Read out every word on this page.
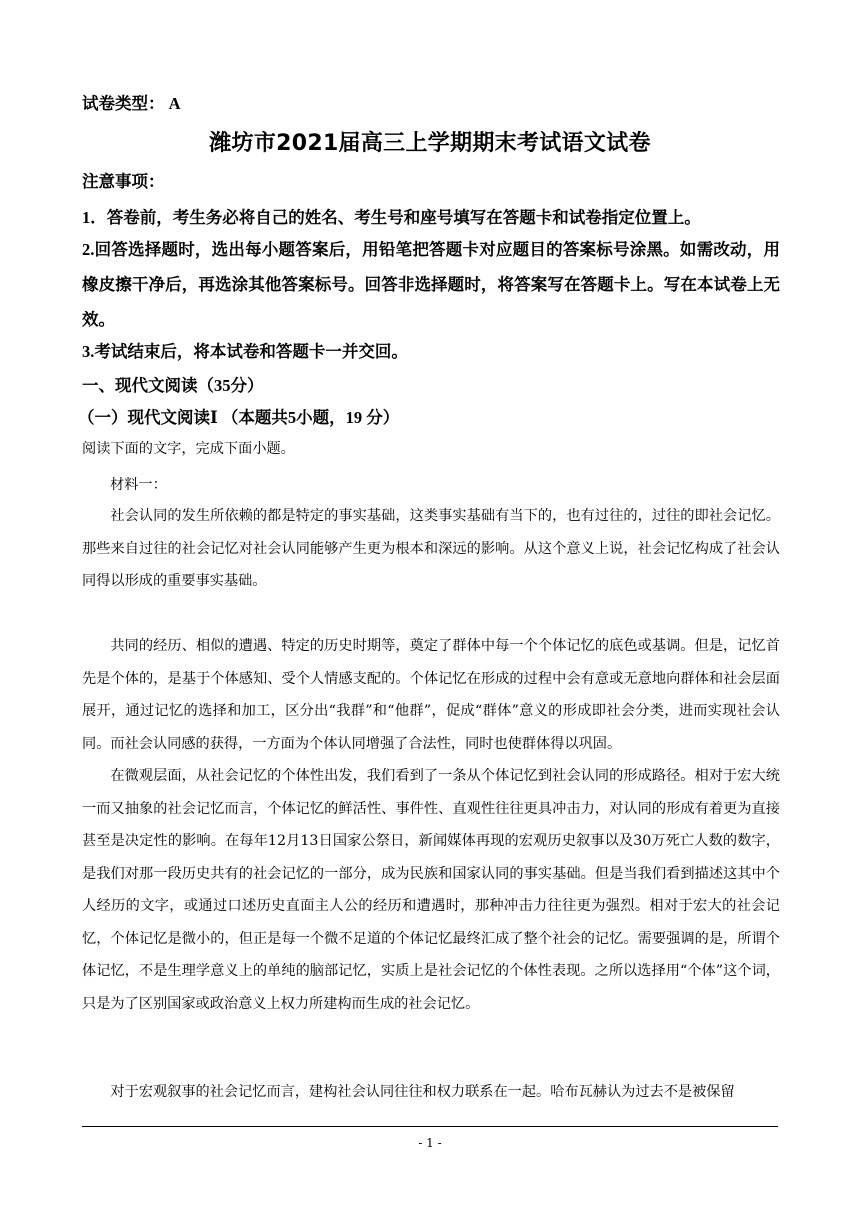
试卷类型： A
潍坊市2021届高三上学期期末考试语文试卷
注意事项：
1．答卷前，考生务必将自己的姓名、考生号和座号填写在答题卡和试卷指定位置上。
2.回答选择题时，选出每小题答案后，用铅笔把答题卡对应题目的答案标号涂黑。如需改动，用橡皮擦干净后，再选涂其他答案标号。回答非选择题时，将答案写在答题卡上。写在本试卷上无效。
3.考试结束后，将本试卷和答题卡一并交回。
一、现代文阅读（35分）
（一）现代文阅读Ⅰ （本题共5小题，19 分）
阅读下面的文字，完成下面小题。
材料一：
社会认同的发生所依赖的都是特定的事实基础，这类事实基础有当下的，也有过往的，过往的即社会记忆。那些来自过往的社会记忆对社会认同能够产生更为根本和深远的影响。从这个意义上说，社会记忆构成了社会认同得以形成的重要事实基础。
共同的经历、相似的遭遇、特定的历史时期等，奠定了群体中每一个个体记忆的底色或基调。但是，记忆首先是个体的，是基于个体感知、受个人情感支配的。个体记忆在形成的过程中会有意或无意地向群体和社会层面展开，通过记忆的选择和加工，区分出“我群”和“他群”，促成“群体”意义的形成即社会分类，进而实现社会认同。而社会认同感的获得，一方面为个体认同增强了合法性，同时也使群体得以巩固。
在微观层面，从社会记忆的个体性出发，我们看到了一条从个体记忆到社会认同的形成路径。相对于宏大统一而又抽象的社会记忆而言，个体记忆的鲜活性、事件性、直观性往往更具冲击力，对认同的形成有着更为直接甚至是决定性的影响。在每年12月13日国家公祭日，新闻媒体再现的宏观历史叙事以及30万死亡人数的数字，是我们对那一段历史共有的社会记忆的一部分，成为民族和国家认同的事实基础。但是当我们看到描述这其中个人经历的文字，或通过口述历史直面主人公的经历和遭遇时，那种冲击力往往更为强烈。相对于宏大的社会记忆，个体记忆是微小的，但正是每一个微不足道的个体记忆最终汇成了整个社会的记忆。需要强调的是，所谓个体记忆，不是生理学意义上的单纯的脑部记忆，实质上是社会记忆的个体性表现。之所以选择用“个体”这个词，只是为了区别国家或政治意义上权力所建构而生成的社会记忆。
对于宏观叙事的社会记忆而言，建构社会认同往往和权力联系在一起。哈布瓦赫认为过去不是被保留
- 1 -
